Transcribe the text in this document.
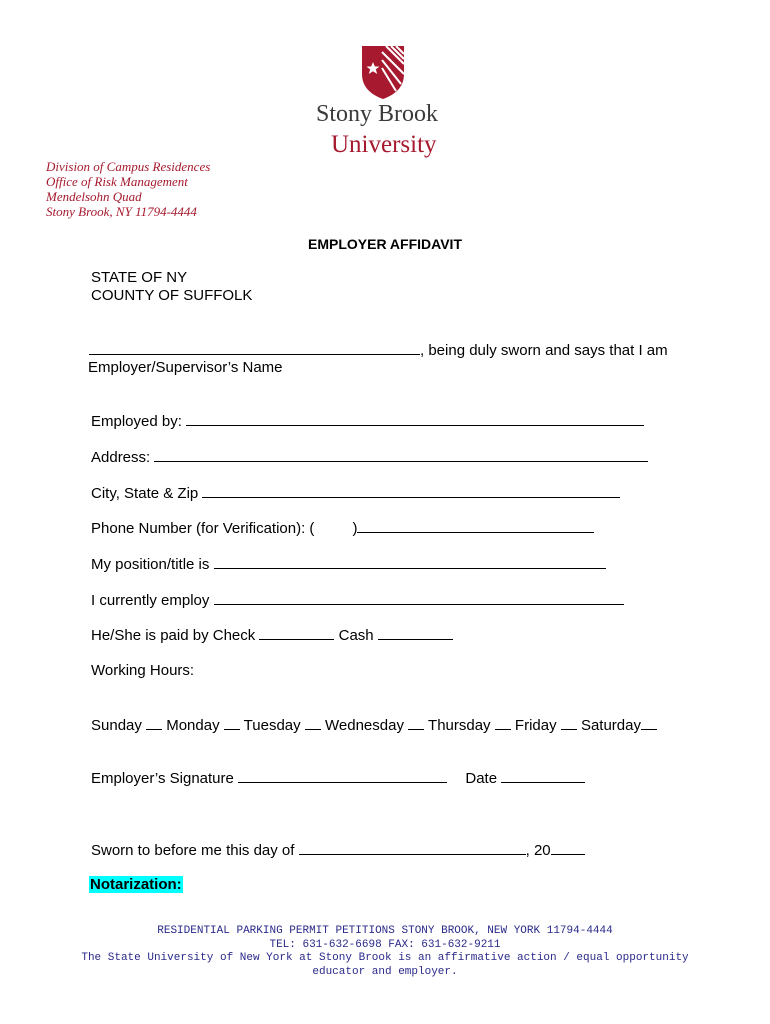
Stony Brook
University
Division of Campus Residences
Office of Risk Management
Mendelsohn Quad
Stony Brook, NY 11794-4444
EMPLOYER AFFIDAVIT
STATE OF NY
COUNTY OF SUFFOLK
, being duly sworn and says that I am
Employer/Supervisor’s Name
Employed by:
Address:
City, State & Zip
Phone Number (for Verification): (	)
My position/title is
I currently employ
He/She is paid by Check	Cash
Working Hours:
Sunday Monday Tuesday Wednesday Thursday Friday Saturday
Employer’s Signature	Date
Sworn to before me this day of	, 20
Notarization:
RESIDENTIAL PARKING PERMIT PETITIONS STONY BROOK, NEW YORK 11794-4444
TEL: 631-632-6698 FAX: 631-632-9211
The State University of New York at Stony Brook is an affirmative action / equal opportunity
educator and employer.
